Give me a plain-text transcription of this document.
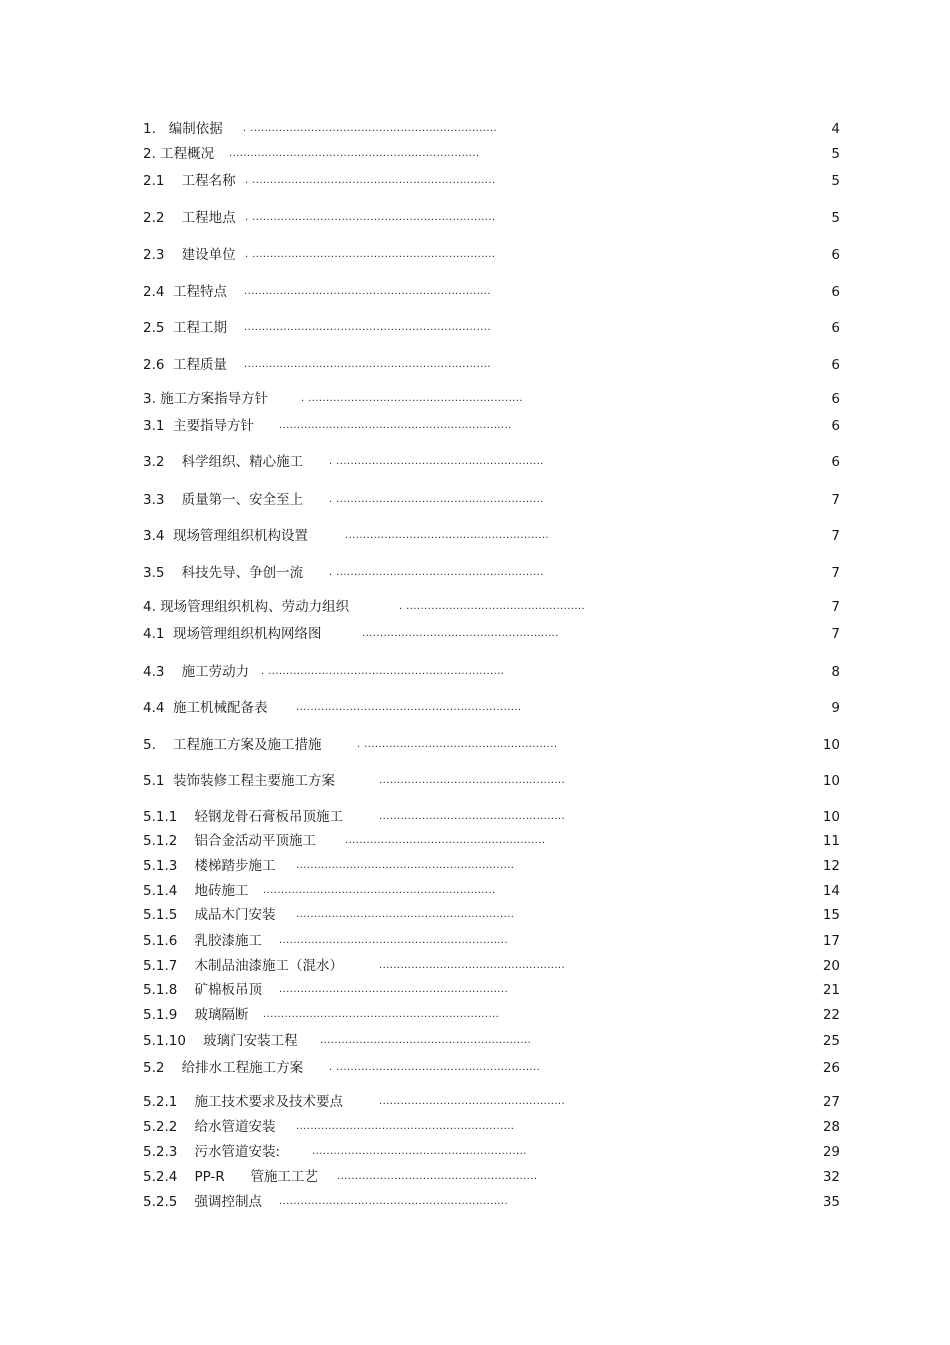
1.   编制依据 . .....................................................................	4
2. 工程概况 ......................................................................	5
2.1    工程名称 . ....................................................................	5
2.2    工程地点 . ....................................................................	5
2.3    建设单位 . ....................................................................	6
2.4  工程特点 .....................................................................	6
2.5  工程工期 .....................................................................	6
2.6  工程质量 .....................................................................	6
3. 施工方案指导方针	. ............................................................	6
3.1  主要指导方针 .................................................................	6
3.2    科学组织、精心施工	. ..........................................................	6
3.3    质量第一、安全至上	. ..........................................................	7
3.4  现场管理组织机构设置	.........................................................	7
3.5    科技先导、争创一流	. ..........................................................	7
4. 现场管理组织机构、劳动力组织	. ..................................................	7
4.1  现场管理组织机构网络图	.......................................................	7
4.3    施工劳动力 . ..................................................................	8
4.4  施工机械配备表	...............................................................	9
5.    工程施工方案及施工措施	. ......................................................	10
5.1  装饰装修工程主要施工方案	....................................................	10
5.1.1    轻钢龙骨石膏板吊顶施工	....................................................	10
5.1.2    铝合金活动平顶施工	........................................................	11
5.1.3    楼梯踏步施工 .............................................................	12
5.1.4    地砖施工 .................................................................	14
5.1.5    成品木门安装 .............................................................	15
5.1.6    乳胶漆施工 ................................................................	17
5.1.7    木制品油漆施工（混水）	....................................................	20
5.1.8    矿棉板吊顶 ................................................................	21
5.1.9    玻璃隔断 ..................................................................	22
5.1.10    玻璃门安装工程 ...........................................................	25
5.2    给排水工程施工方案	. .........................................................	26
5.2.1    施工技术要求及技术要点	....................................................	27
5.2.2    给水管道安装 .............................................................	28
5.2.3    污水管道安装:	............................................................	29
5.2.4    PP-R      管施工工艺 ........................................................	32
5.2.5    强调控制点 ................................................................	35
